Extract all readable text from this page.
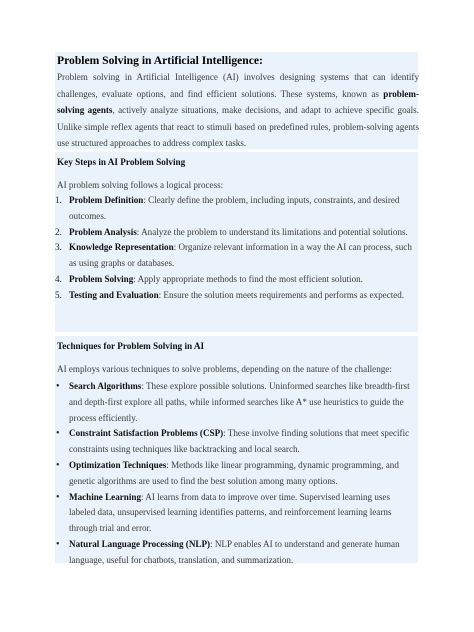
Problem Solving in Artificial Intelligence:

Problem solving in Artificial Intelligence (AI) involves designing systems that can identify challenges, evaluate options, and find efficient solutions. These systems, known as problem-solving agents, actively analyze situations, make decisions, and adapt to achieve specific goals. Unlike simple reflex agents that react to stimuli based on predefined rules, problem-solving agents use structured approaches to address complex tasks.

Key Steps in AI Problem Solving

AI problem solving follows a logical process:

1. Problem Definition: Clearly define the problem, including inputs, constraints, and desired outcomes.
2. Problem Analysis: Analyze the problem to understand its limitations and potential solutions.
3. Knowledge Representation: Organize relevant information in a way the AI can process, such as using graphs or databases.
4. Problem Solving: Apply appropriate methods to find the most efficient solution.
5. Testing and Evaluation: Ensure the solution meets requirements and performs as expected.
Techniques for Problem Solving in AI

AI employs various techniques to solve problems, depending on the nature of the challenge:

•	Search Algorithms: These explore possible solutions. Uninformed searches like breadth-first and depth-first explore all paths, while informed searches like A* use heuristics to guide the process efficiently.
•	Constraint Satisfaction Problems (CSP): These involve finding solutions that meet specific constraints using techniques like backtracking and local search.
•	Optimization Techniques: Methods like linear programming, dynamic programming, and genetic algorithms are used to find the best solution among many options.
•	Machine Learning: AI learns from data to improve over time. Supervised learning uses labeled data, unsupervised learning identifies patterns, and reinforcement learning learns through trial and error.
•	Natural Language Processing (NLP): NLP enables AI to understand and generate human language, useful for chatbots, translation, and summarization.
